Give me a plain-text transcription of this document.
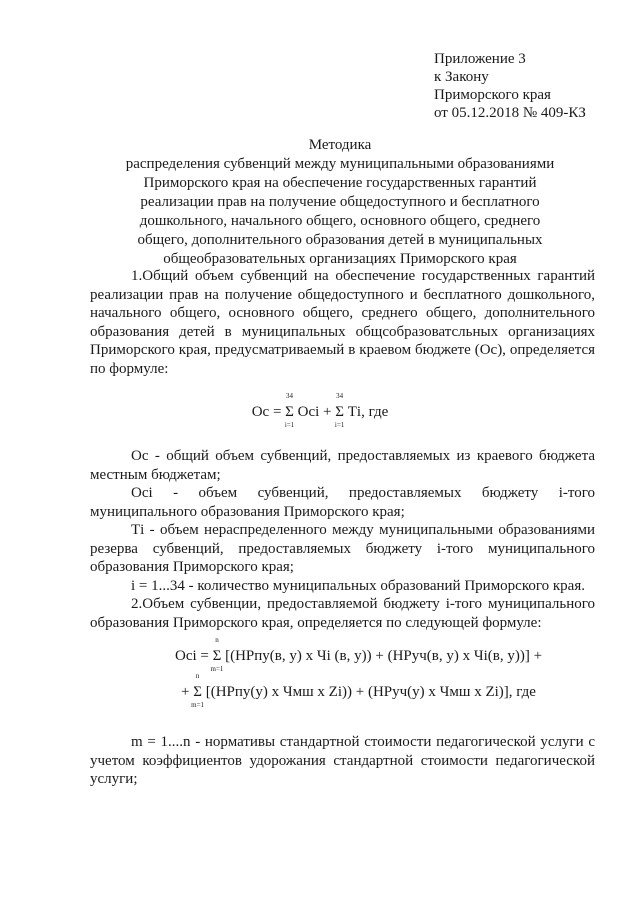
Приложение 3
к Закону
Приморского края
от 05.12.2018 № 409-КЗ
Методика
распределения субвенций между муниципальными образованиями
Приморского края на обеспечение государственных гарантий
реализации прав на получение общедоступного и бесплатного
дошкольного, начального общего, основного общего, среднего
общего, дополнительного образования детей в муниципальных
общеобразовательных организациях Приморского края

1.Общий объем субвенций на обеспечение государственных гарантий реализации прав на получение общедоступного и бесплатного дошкольного, начального общего, основного общего, среднего общего, дополнительного образования детей в муниципальных общсобразоватсльных организациях Приморского края, предусматриваемый в краевом бюджете (Ос), определяется по формуле:

Ос =
34
Σ
i=1
Осi +
34
Σ
i=1
Тi, где

Ос - общий объем субвенций, предоставляемых из краевого бюджета местным бюджетам;

Осi - объем субвенций, предоставляемых бюджету i-того муниципального образования Приморского края;

Тi - объем нераспределенного между муниципальными образованиями резерва субвенций, предоставляемых бюджету i-того муниципального образования Приморского края;

i = 1...34 - количество муниципальных образований Приморского края.

2.Объем субвенции, предоставляемой бюджету i-того муниципального образования Приморского края, определяется по следующей формуле:

Осi =
n
Σ
m=1
[(НРпу(в, у) х Чi (в, у)) + (НРуч(в, у) х Чi(в, у))] +
+
n
Σ
m=1
[(НРпу(у) х Чмш х Zi)) + (НРуч(у) х Чмш х Zi)], где

m = 1....n - нормативы стандартной стоимости педагогической услуги с учетом коэффициентов удорожания стандартной стоимости педагогической услуги;
